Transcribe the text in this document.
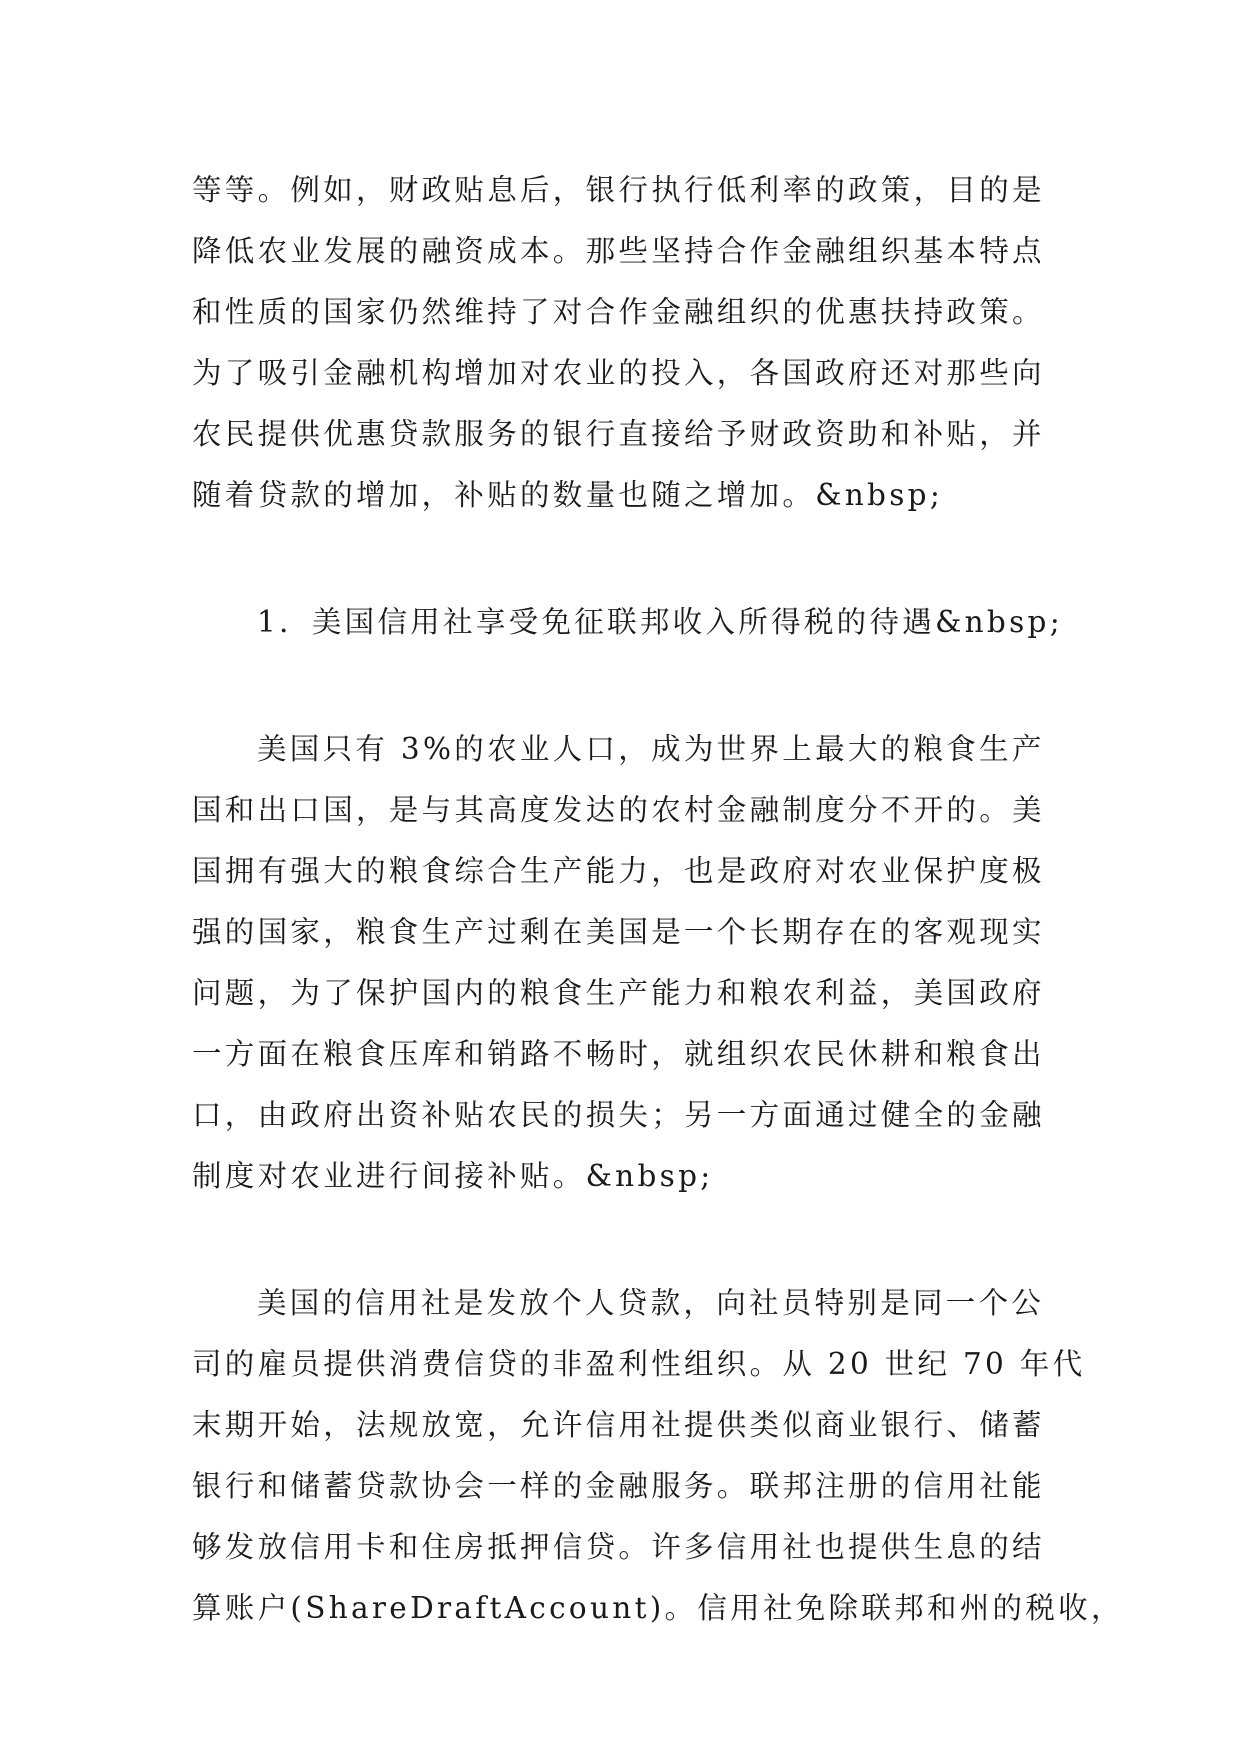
等等。例如，财政贴息后，银行执行低利率的政策，目的是
降低农业发展的融资成本。那些坚持合作金融组织基本特点
和性质的国家仍然维持了对合作金融组织的优惠扶持政策。
为了吸引金融机构增加对农业的投入，各国政府还对那些向
农民提供优惠贷款服务的银行直接给予财政资助和补贴，并
随着贷款的增加，补贴的数量也随之增加。&nbsp;
1．美国信用社享受免征联邦收入所得税的待遇&nbsp;
美国只有 3%的农业人口，成为世界上最大的粮食生产
国和出口国，是与其高度发达的农村金融制度分不开的。美
国拥有强大的粮食综合生产能力，也是政府对农业保护度极
强的国家，粮食生产过剩在美国是一个长期存在的客观现实
问题，为了保护国内的粮食生产能力和粮农利益，美国政府
一方面在粮食压库和销路不畅时，就组织农民休耕和粮食出
口，由政府出资补贴农民的损失；另一方面通过健全的金融
制度对农业进行间接补贴。&nbsp;
美国的信用社是发放个人贷款，向社员特别是同一个公
司的雇员提供消费信贷的非盈利性组织。从 20 世纪 70 年代
末期开始，法规放宽，允许信用社提供类似商业银行、储蓄
银行和储蓄贷款协会一样的金融服务。联邦注册的信用社能
够发放信用卡和住房抵押信贷。许多信用社也提供生息的结
算账户(ShareDraftAccount)。信用社免除联邦和州的税收，
